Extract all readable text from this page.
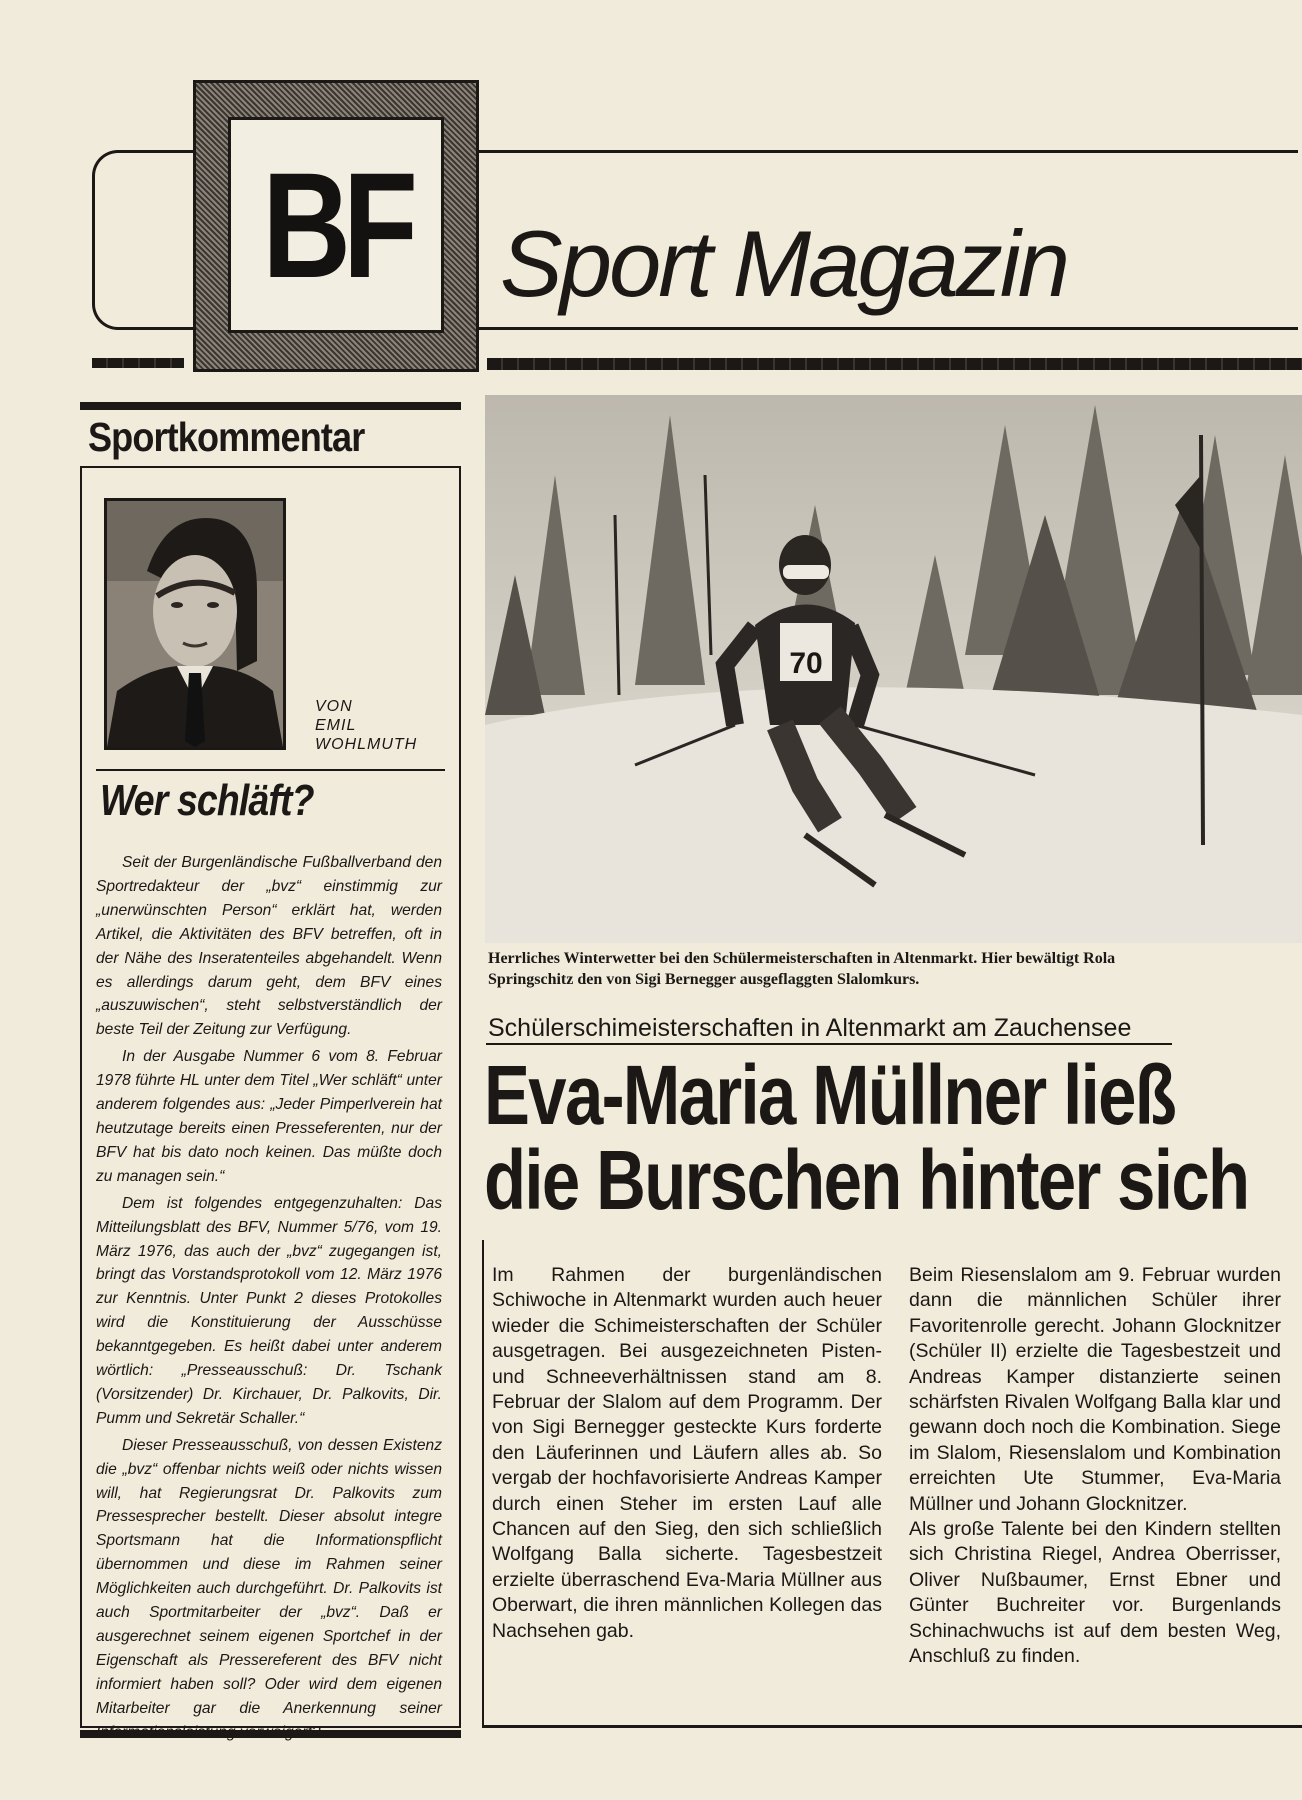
BF Sport Magazin
Sportkommentar
VON
EMIL
WOHLMUTH
Wer schläft?

Seit der Burgenländische Fußballverband den Sportredakteur der „bvz“ einstimmig zur „unerwünschten Person“ erklärt hat, werden Artikel, die Aktivitäten des BFV betreffen, oft in der Nähe des Inseratenteiles abgehandelt. Wenn es allerdings darum geht, dem BFV eines „auszuwischen“, steht selbstverständlich der beste Teil der Zeitung zur Verfügung.

In der Ausgabe Nummer 6 vom 8. Februar 1978 führte HL unter dem Titel „Wer schläft“ unter anderem folgendes aus: „Jeder Pimperlverein hat heutzutage bereits einen Presseferenten, nur der BFV hat bis dato noch keinen. Das müßte doch zu managen sein.“

Dem ist folgendes entgegenzuhalten: Das Mitteilungsblatt des BFV, Nummer 5/76, vom 19. März 1976, das auch der „bvz“ zugegangen ist, bringt das Vorstandsprotokoll vom 12. März 1976 zur Kenntnis. Unter Punkt 2 dieses Protokolles wird die Konstituierung der Ausschüsse bekanntgegeben. Es heißt dabei unter anderem wörtlich: „Presseausschuß: Dr. Tschank (Vorsitzender) Dr. Kirchauer, Dr. Palkovits, Dir. Pumm und Sekretär Schaller.“

Dieser Presseausschuß, von dessen Existenz die „bvz“ offenbar nichts weiß oder nichts wissen will, hat Regierungsrat Dr. Palkovits zum Pressesprecher bestellt. Dieser absolut integre Sportsmann hat die Informationspflicht übernommen und diese im Rahmen seiner Möglichkeiten auch durchgeführt. Dr. Palkovits ist auch Sportmitarbeiter der „bvz“. Daß er ausgerechnet seinem eigenen Sportchef in der Eigenschaft als Pressereferent des BFV nicht informiert haben soll? Oder wird dem eigenen Mitarbeiter gar die Anerkennung seiner

70
Herrliches Winterwetter bei den Schülermeisterschaften in Altenmarkt. Hier bewältigt Rola
Springschitz den von Sigi Bernegger ausgeflaggten Slalomkurs.
Schülerschimeisterschaften in Altenmarkt am Zauchensee
Eva-Maria Müllner ließ
die Burschen hinter sich

Im Rahmen der burgenländischen Schiwoche in Altenmarkt wurden auch heuer wieder die Schimeisterschaften der Schüler ausgetragen. Bei ausgezeichneten Pisten- und Schneeverhältnissen stand am 8. Februar der Slalom auf dem Programm. Der von Sigi Bernegger gesteckte Kurs forderte den Läuferinnen und Läufern alles ab. So vergab der hochfavorisierte Andreas Kamper durch einen Steher im ersten Lauf alle Chancen auf den Sieg, den sich schließlich Wolfgang Balla sicherte. Tagesbestzeit erzielte überraschend Eva-Maria Müllner aus Oberwart, die ihren männlichen Kollegen das Nachsehen gab.

Beim Riesenslalom am 9. Februar wurden dann die männlichen Schüler ihrer Favoritenrolle gerecht. Johann Glocknitzer (Schüler II) erzielte die Tagesbestzeit und Andreas Kamper distanzierte seinen schärfsten Rivalen Wolfgang Balla klar und gewann doch noch die Kombination. Siege im Slalom, Riesenslalom und Kombination erreichten Ute Stummer, Eva-Maria Müllner und Johann Glocknitzer.

Als große Talente bei den Kindern stellten sich Christina Riegel, Andrea Oberrisser, Oliver Nußbaumer, Ernst Ebner und Günter Buchreiter vor. Burgenlands Schinachwuchs ist auf dem besten Weg, Anschluß zu finden.
